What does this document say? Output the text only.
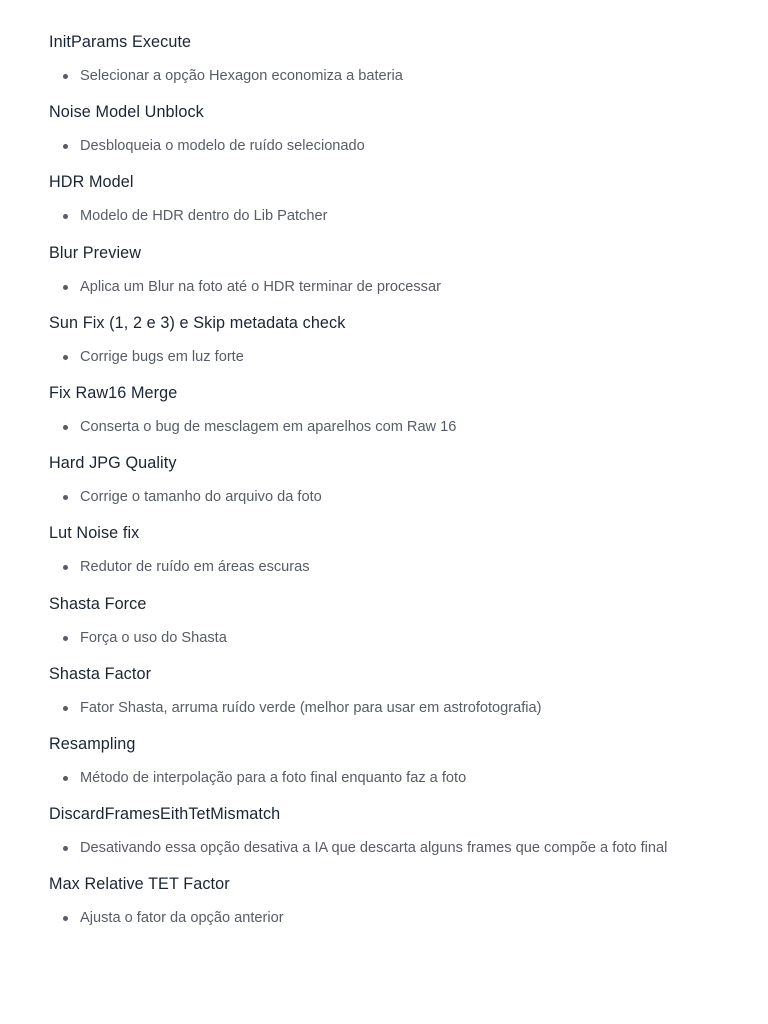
InitParams Execute
Selecionar a opção Hexagon economiza a bateria
Noise Model Unblock
Desbloqueia o modelo de ruído selecionado
HDR Model
Modelo de HDR dentro do Lib Patcher
Blur Preview
Aplica um Blur na foto até o HDR terminar de processar
Sun Fix (1, 2 e 3) e Skip metadata check
Corrige bugs em luz forte
Fix Raw16 Merge
Conserta o bug de mesclagem em aparelhos com Raw 16
Hard JPG Quality
Corrige o tamanho do arquivo da foto
Lut Noise fix
Redutor de ruído em áreas escuras
Shasta Force
Força o uso do Shasta
Shasta Factor
Fator Shasta, arruma ruído verde (melhor para usar em astrofotografia)
Resampling
Método de interpolação para a foto final enquanto faz a foto
DiscardFramesEithTetMismatch
Desativando essa opção desativa a IA que descarta alguns frames que compõe a foto final
Max Relative TET Factor
Ajusta o fator da opção anterior
